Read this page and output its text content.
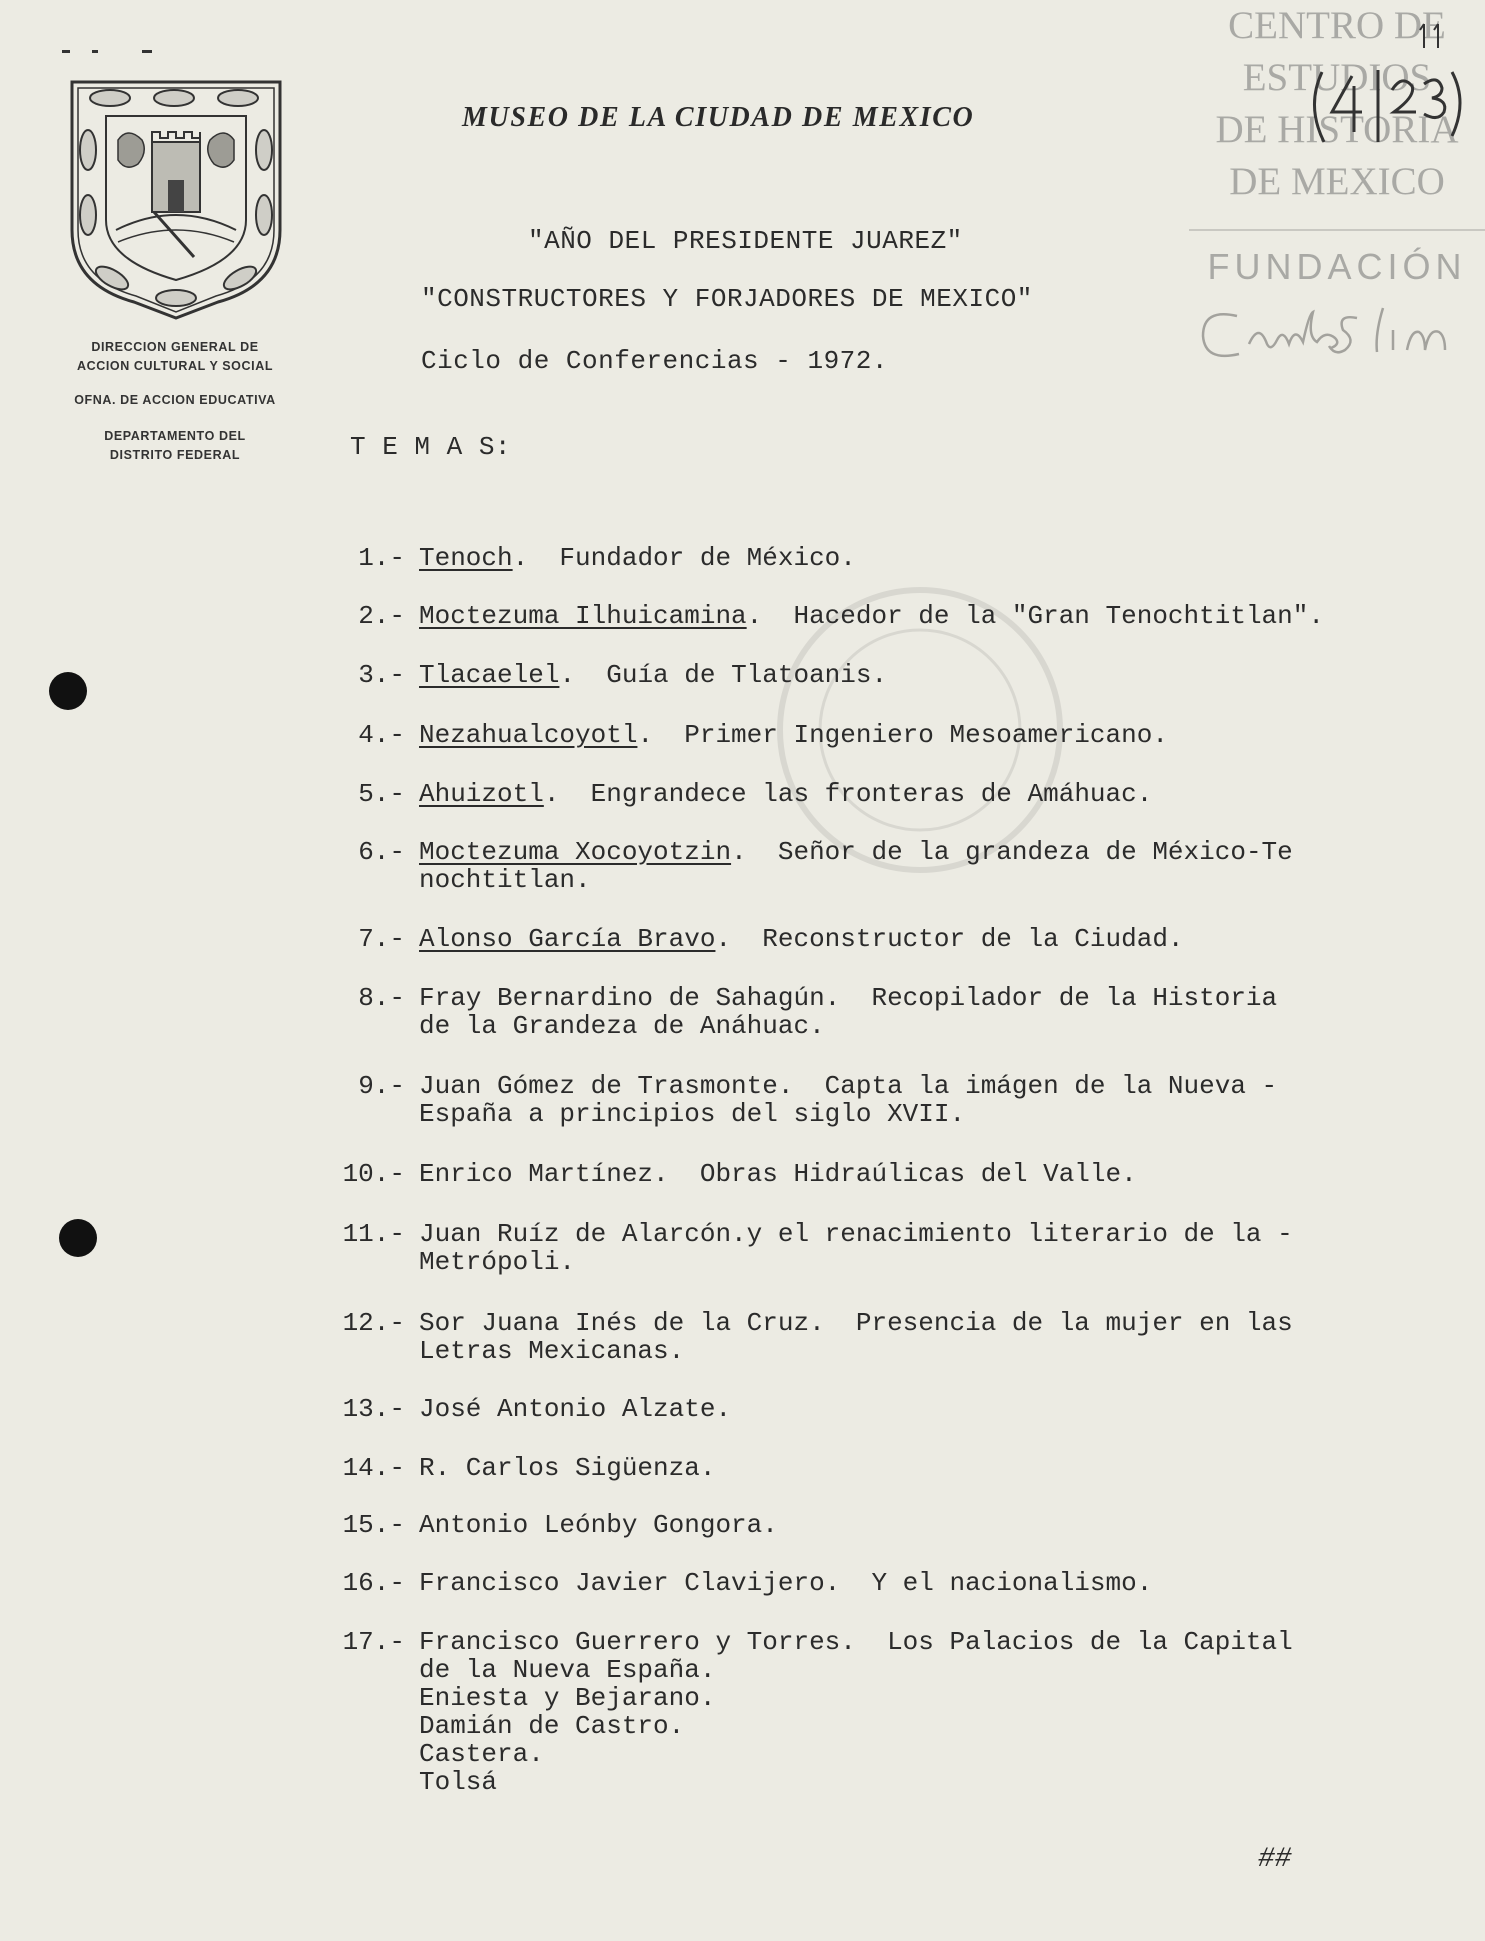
DIRECCION GENERAL DE
ACCION CULTURAL Y SOCIAL
OFNA. DE ACCION EDUCATIVA
DEPARTAMENTO DEL
DISTRITO FEDERAL
MUSEO DE LA CIUDAD DE MEXICO
"AÑO DEL PRESIDENTE JUAREZ"
"CONSTRUCTORES Y FORJADORES DE MEXICO"
Ciclo de Conferencias - 1972.
T E M A S:
CENTRO DE
ESTUDIOS
DE HISTORIA
DE MEXICO
FUNDACIÓN
1.- Tenoch.  Fundador de México.
2.- Moctezuma Ilhuicamina.  Hacedor de la "Gran Tenochtitlan".
3.- Tlacaelel.  Guía de Tlatoanis.
4.- Nezahualcoyotl.  Primer Ingeniero Mesoamericano.
5.- Ahuizotl.  Engrandece las fronteras de Amáhuac.
6.- Moctezuma Xocoyotzin.  Señor de la grandeza de México-Te
nochtitlan.
7.- Alonso García Bravo.  Reconstructor de la Ciudad.
8.- Fray Bernardino de Sahagún.  Recopilador de la Historia
de la Grandeza de Anáhuac.
9.- Juan Gómez de Trasmonte.  Capta la imágen de la Nueva -
España a principios del siglo XVII.
10.- Enrico Martínez.  Obras Hidraúlicas del Valle.
11.- Juan Ruíz de Alarcón.y el renacimiento literario de la -
Metrópoli.
12.- Sor Juana Inés de la Cruz.  Presencia de la mujer en las
Letras Mexicanas.
13.- José Antonio Alzate.
14.- R. Carlos Sigüenza.
15.- Antonio Leónby Gongora.
16.- Francisco Javier Clavijero.  Y el nacionalismo.
17.- Francisco Guerrero y Torres.  Los Palacios de la Capital
de la Nueva España.
Eniesta y Bejarano.
Damián de Castro.
Castera.
Tolsá
##
